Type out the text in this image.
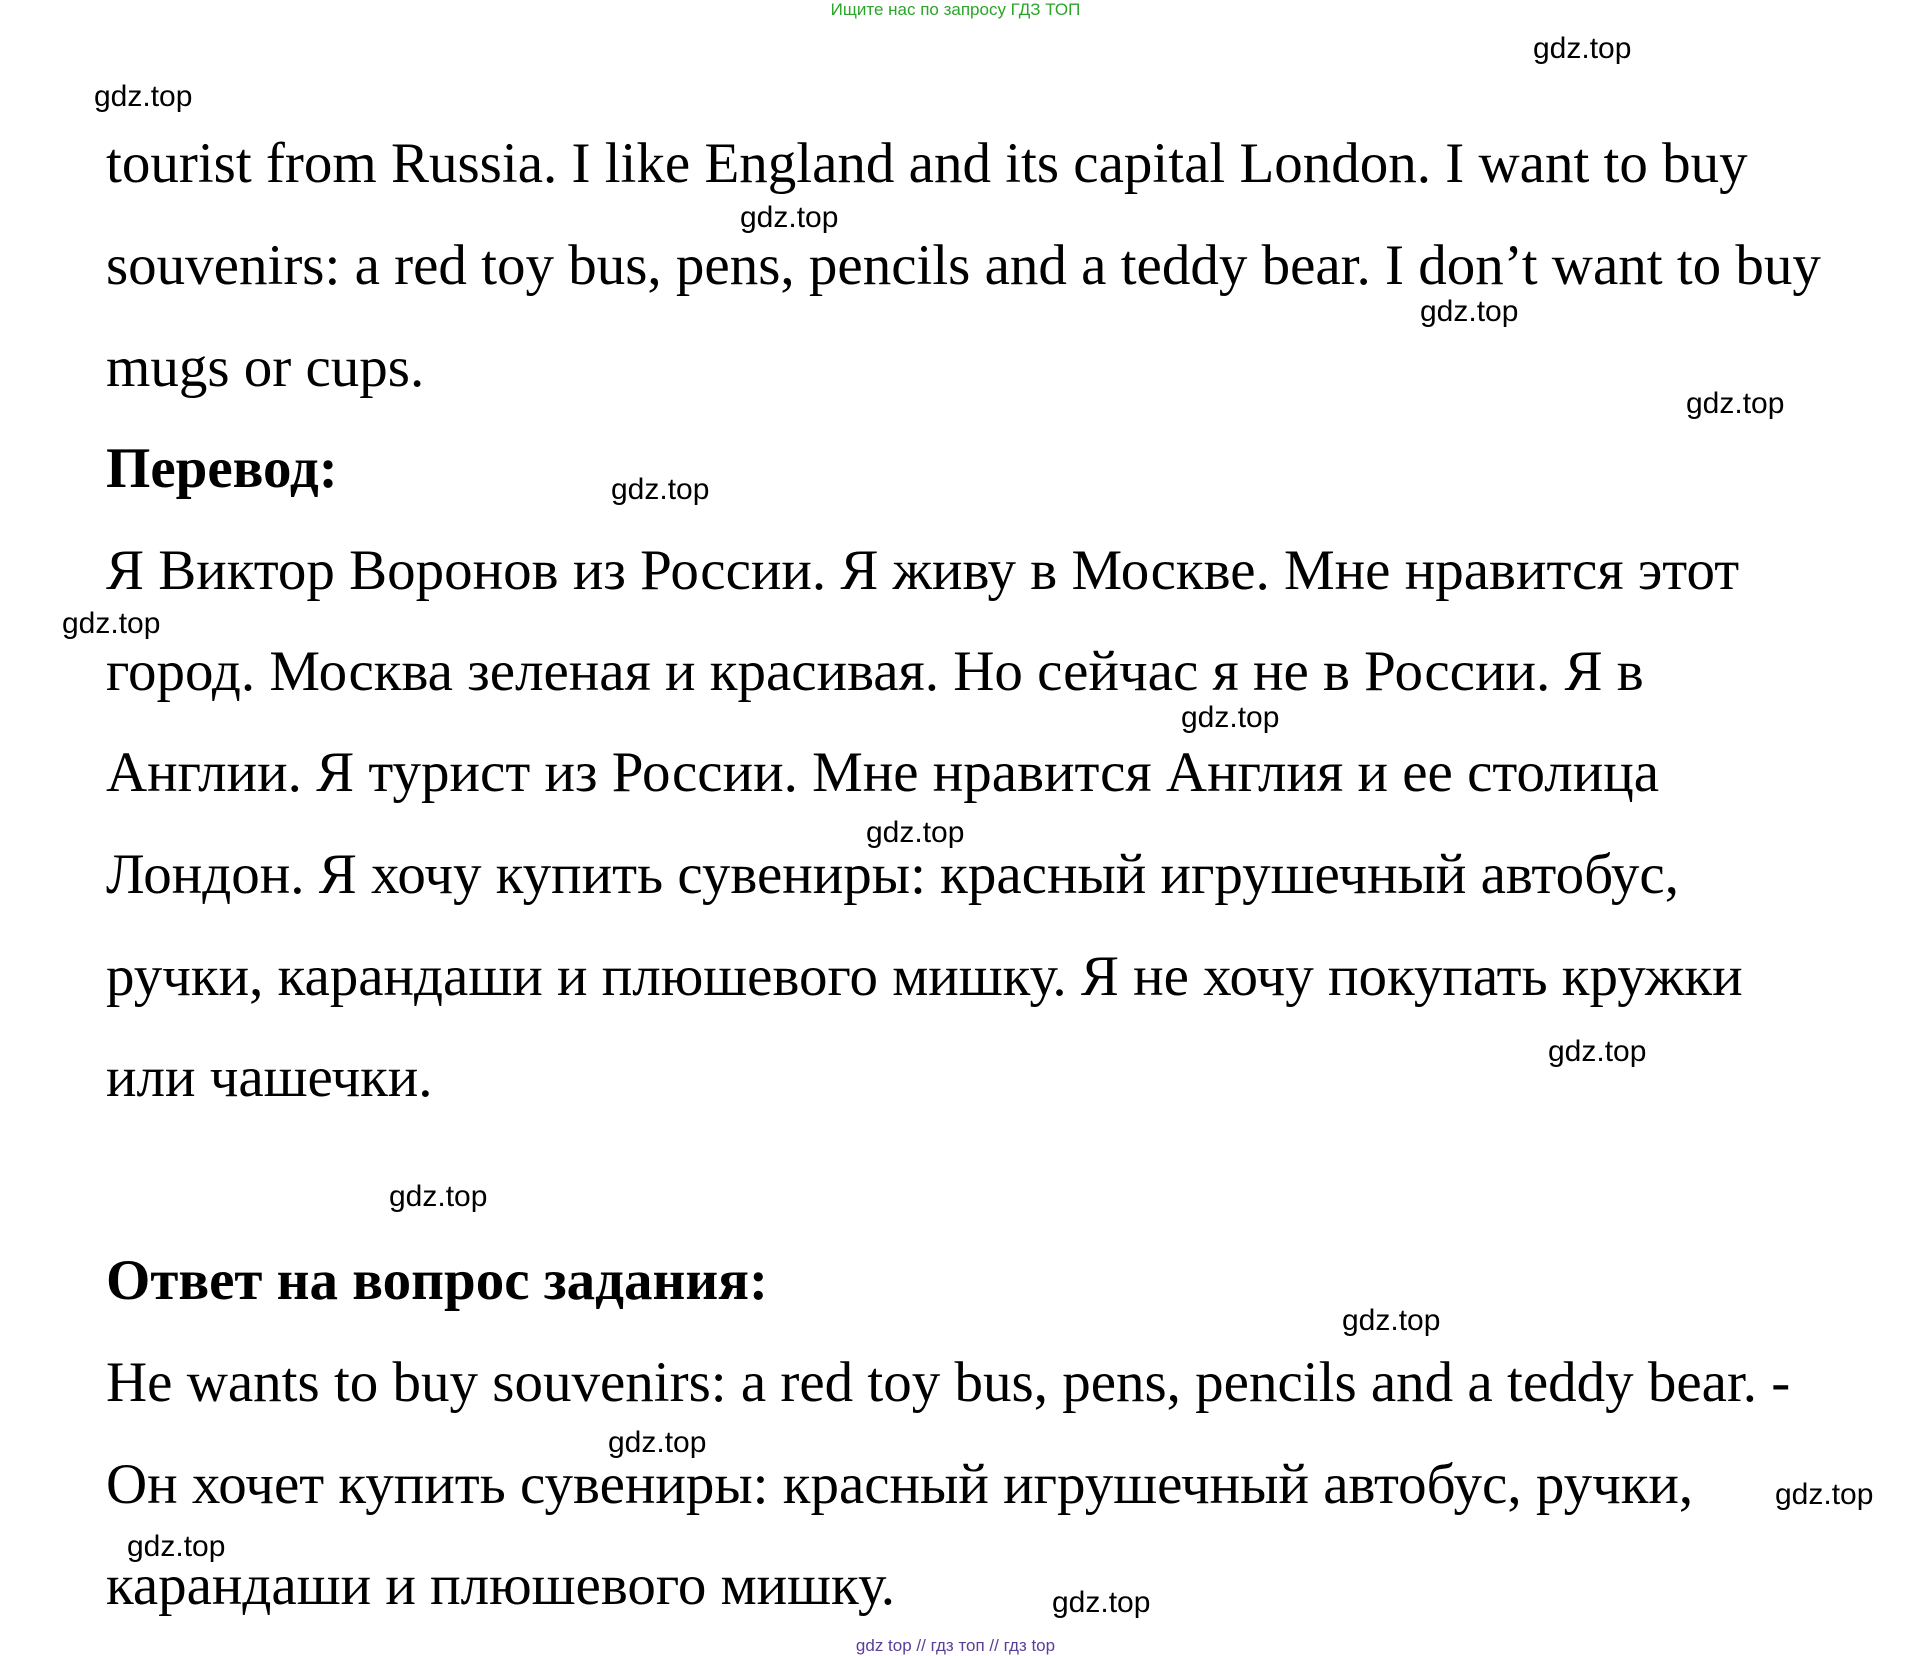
Ищите нас по запросу ГДЗ ТОП
tourist from Russia. I like England and its capital London. I want to buy
souvenirs: a red toy bus, pens, pencils and a teddy bear. I don’t want to buy
mugs or cups.
Перевод:
Я Виктор Воронов из России. Я живу в Москве. Мне нравится этот
город. Москва зеленая и красивая. Но сейчас я не в России. Я в
Англии. Я турист из России. Мне нравится Англия и ее столица
Лондон. Я хочу купить сувениры: красный игрушечный автобус,
ручки, карандаши и плюшевого мишку. Я не хочу покупать кружки
или чашечки.
Ответ на вопрос задания:
He wants to buy souvenirs: a red toy bus, pens, pencils and a teddy bear. -
Он хочет купить сувениры: красный игрушечный автобус, ручки,
карандаши и плюшевого мишку.
gdz.top
gdz.top
gdz.top
gdz.top
gdz.top
gdz.top
gdz.top
gdz.top
gdz.top
gdz.top
gdz.top
gdz.top
gdz.top
gdz.top
gdz.top
gdz.top
gdz top // гдз топ // гдз top
